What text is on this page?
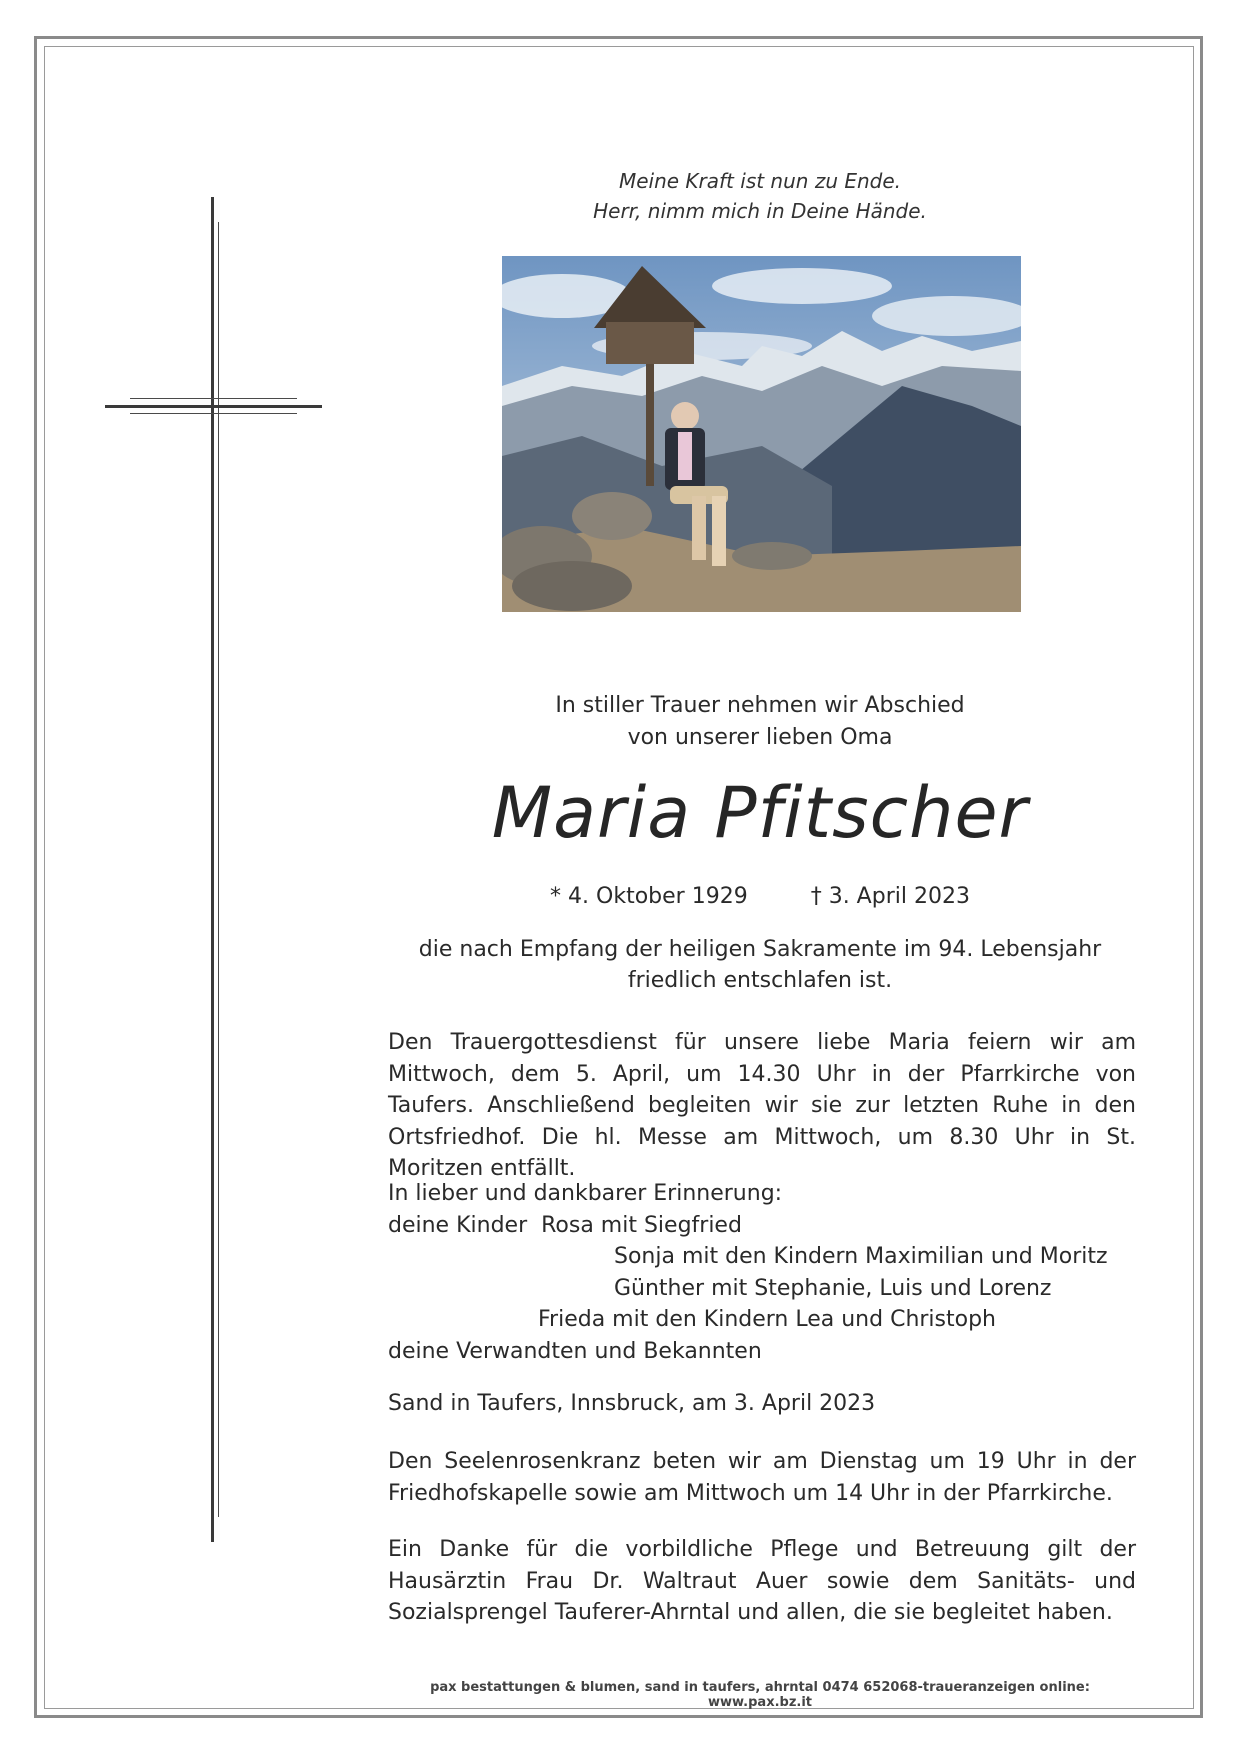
Meine Kraft ist nun zu Ende.
Herr, nimm mich in Deine Hände.
In stiller Trauer nehmen wir Abschied
von unserer lieben Oma
Maria Pfitscher
* 4. Oktober 1929	† 3. April 2023
die nach Empfang der heiligen Sakramente im 94. Lebensjahr
friedlich entschlafen ist.
Den Trauergottesdienst für unsere liebe Maria feiern wir am Mittwoch, dem 5. April, um 14.30 Uhr in der Pfarrkirche von Taufers. Anschließend begleiten wir sie zur letzten Ruhe in den Ortsfriedhof. Die hl. Messe am Mittwoch, um 8.30 Uhr in St. Moritzen entfällt.
In lieber und dankbarer Erinnerung:
deine Kinder  Rosa mit Siegfried
Sonja mit den Kindern Maximilian und Moritz
Günther mit Stephanie, Luis und Lorenz
Frieda mit den Kindern Lea und Christoph
deine Verwandten und Bekannten
Sand in Taufers, Innsbruck, am 3. April 2023
Den Seelenrosenkranz beten wir am Dienstag um 19 Uhr in der Friedhofskapelle sowie am Mittwoch um 14 Uhr in der Pfarrkirche.
Ein Danke für die vorbildliche Pflege und Betreuung gilt der Hausärztin Frau Dr. Waltraut Auer sowie dem Sanitäts- und Sozialsprengel Tauferer-Ahrntal und allen, die sie begleitet haben.
pax bestattungen & blumen, sand in taufers, ahrntal 0474 652068-traueranzeigen online: www.pax.bz.it
